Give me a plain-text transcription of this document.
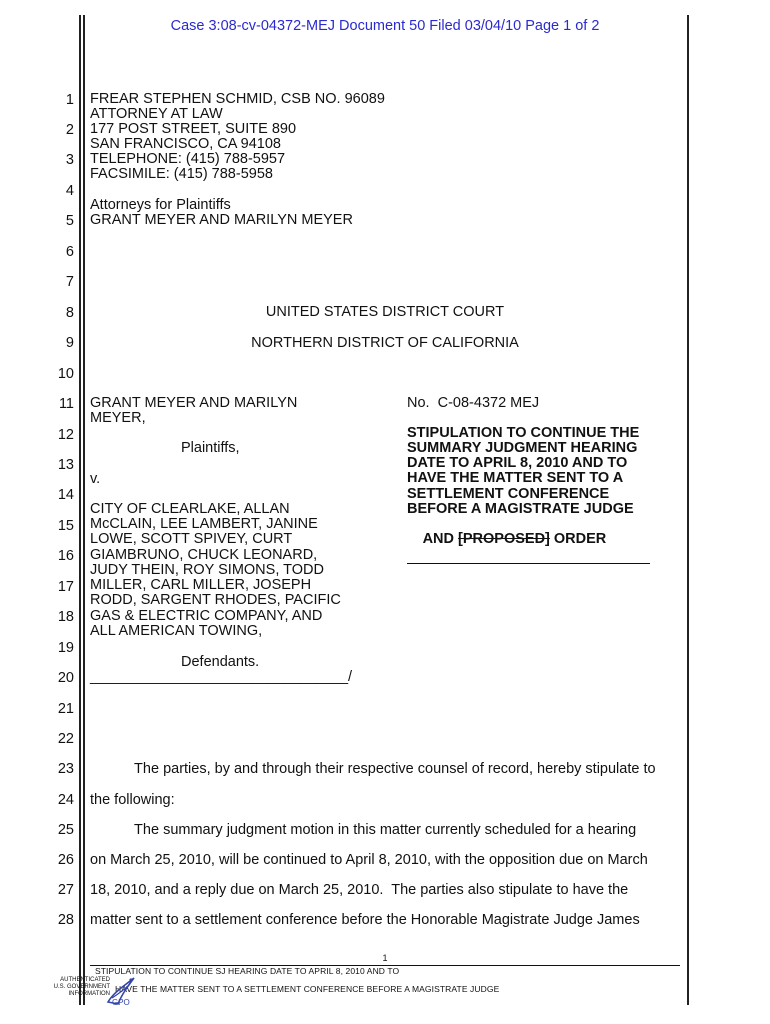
Case 3:08-cv-04372-MEJ Document 50 Filed 03/04/10 Page 1 of 2
1
2
3
4
5
6
7
8
9
10
11
12
13
14
15
16
17
18
19
20
21
22
23
24
25
26
27
28
FREAR STEPHEN SCHMID, CSB NO. 96089
ATTORNEY AT LAW
177 POST STREET, SUITE 890
SAN FRANCISCO, CA 94108
TELEPHONE: (415) 788-5957
FACSIMILE: (415) 788-5958
Attorneys for Plaintiffs
GRANT MEYER AND MARILYN MEYER
UNITED STATES DISTRICT COURT
NORTHERN DISTRICT OF CALIFORNIA
GRANT MEYER AND MARILYN
MEYER,
Plaintiffs,
v.
CITY OF CLEARLAKE, ALLAN
McCLAIN, LEE LAMBERT, JANINE
LOWE, SCOTT SPIVEY, CURT
GIAMBRUNO, CHUCK LEONARD,
JUDY THEIN, ROY SIMONS, TODD
MILLER, CARL MILLER, JOSEPH
RODD, SARGENT RHODES, PACIFIC
GAS & ELECTRIC COMPANY, AND
ALL AMERICAN TOWING,
Defendants.
________________________________/
No.  C-08-4372 MEJ
STIPULATION TO CONTINUE THE
SUMMARY JUDGMENT HEARING
DATE TO APRIL 8, 2010 AND TO
HAVE THE MATTER SENT TO A
SETTLEMENT CONFERENCE
BEFORE A MAGISTRATE JUDGE

AND [PROPOSED] ORDER

The parties, by and through their respective counsel of record, hereby stipulate to
the following:
The summary judgment motion in this matter currently scheduled for a hearing
on March 25, 2010, will be continued to April 8, 2010, with the opposition due on March
18, 2010, and a reply due on March 25, 2010.  The parties also stipulate to have the
matter sent to a settlement conference before the Honorable Magistrate Judge James
1
STIPULATION TO CONTINUE SJ HEARING DATE TO APRIL 8, 2010 AND TO
HAVE THE MATTER SENT TO A SETTLEMENT CONFERENCE BEFORE A MAGISTRATE JUDGE
AUTHENTICATED
U.S. GOVERNMENT
INFORMATION
GPO
